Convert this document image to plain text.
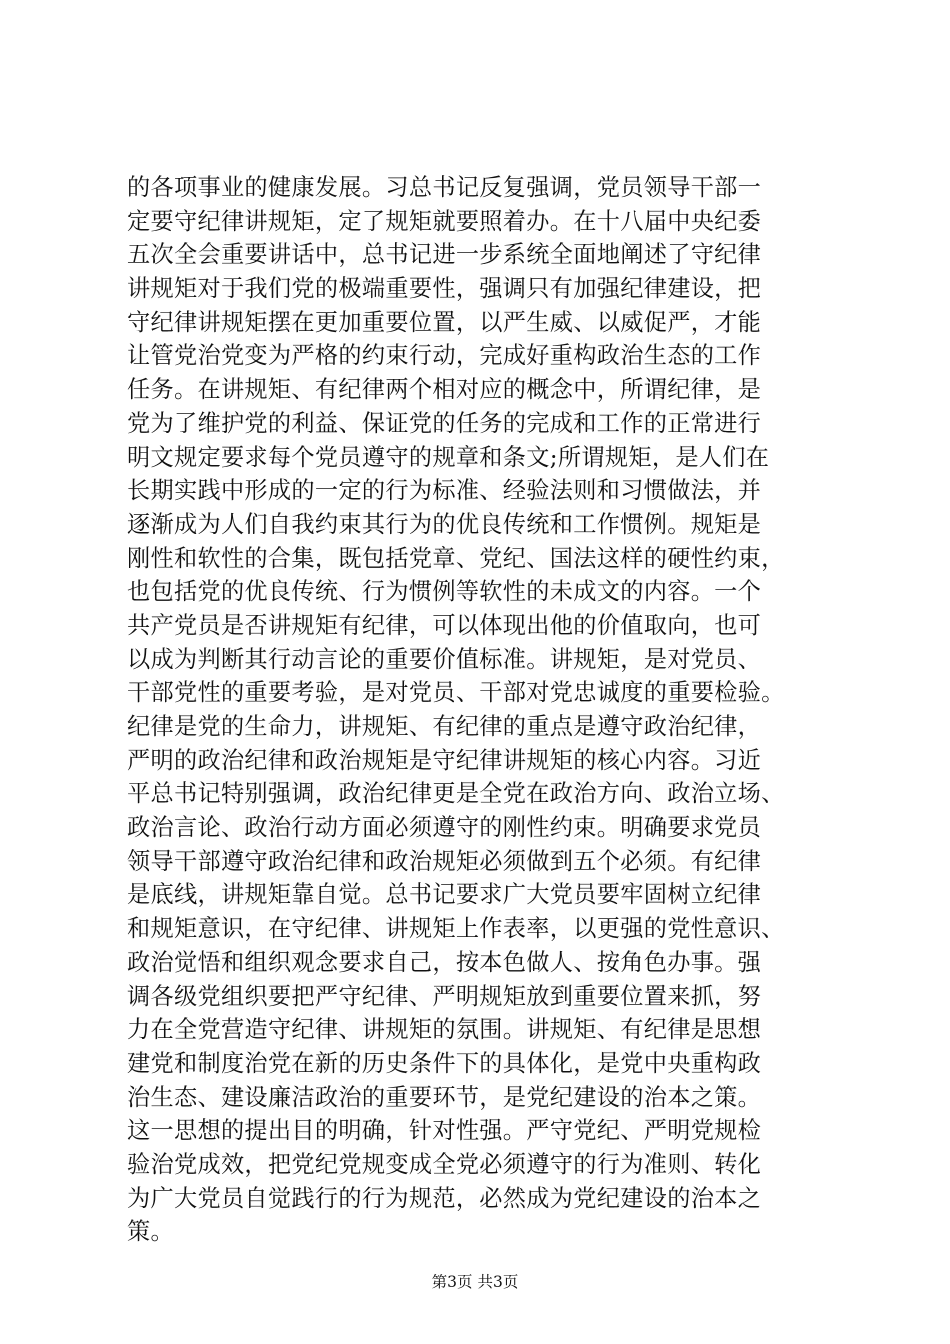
的各项事业的健康发展。习总书记反复强调，党员领导干部一
定要守纪律讲规矩，定了规矩就要照着办。在十八届中央纪委
五次全会重要讲话中，总书记进一步系统全面地阐述了守纪律
讲规矩对于我们党的极端重要性，强调只有加强纪律建设，把
守纪律讲规矩摆在更加重要位置，以严生威、以威促严，才能
让管党治党变为严格的约束行动，完成好重构政治生态的工作
任务。在讲规矩、有纪律两个相对应的概念中，所谓纪律，是
党为了维护党的利益、保证党的任务的完成和工作的正常进行
明文规定要求每个党员遵守的规章和条文;所谓规矩，是人们在
长期实践中形成的一定的行为标准、经验法则和习惯做法，并
逐渐成为人们自我约束其行为的优良传统和工作惯例。规矩是
刚性和软性的合集，既包括党章、党纪、国法这样的硬性约束，
也包括党的优良传统、行为惯例等软性的未成文的内容。一个
共产党员是否讲规矩有纪律，可以体现出他的价值取向，也可
以成为判断其行动言论的重要价值标准。讲规矩，是对党员、
干部党性的重要考验，是对党员、干部对党忠诚度的重要检验。
纪律是党的生命力，讲规矩、有纪律的重点是遵守政治纪律，
严明的政治纪律和政治规矩是守纪律讲规矩的核心内容。习近
平总书记特别强调，政治纪律更是全党在政治方向、政治立场、
政治言论、政治行动方面必须遵守的刚性约束。明确要求党员
领导干部遵守政治纪律和政治规矩必须做到五个必须。有纪律
是底线，讲规矩靠自觉。总书记要求广大党员要牢固树立纪律
和规矩意识，在守纪律、讲规矩上作表率，以更强的党性意识、
政治觉悟和组织观念要求自己，按本色做人、按角色办事。强
调各级党组织要把严守纪律、严明规矩放到重要位置来抓，努
力在全党营造守纪律、讲规矩的氛围。讲规矩、有纪律是思想
建党和制度治党在新的历史条件下的具体化，是党中央重构政
治生态、建设廉洁政治的重要环节，是党纪建设的治本之策。
这一思想的提出目的明确，针对性强。严守党纪、严明党规检
验治党成效，把党纪党规变成全党必须遵守的行为准则、转化
为广大党员自觉践行的行为规范，必然成为党纪建设的治本之
策。
第3页 共3页
